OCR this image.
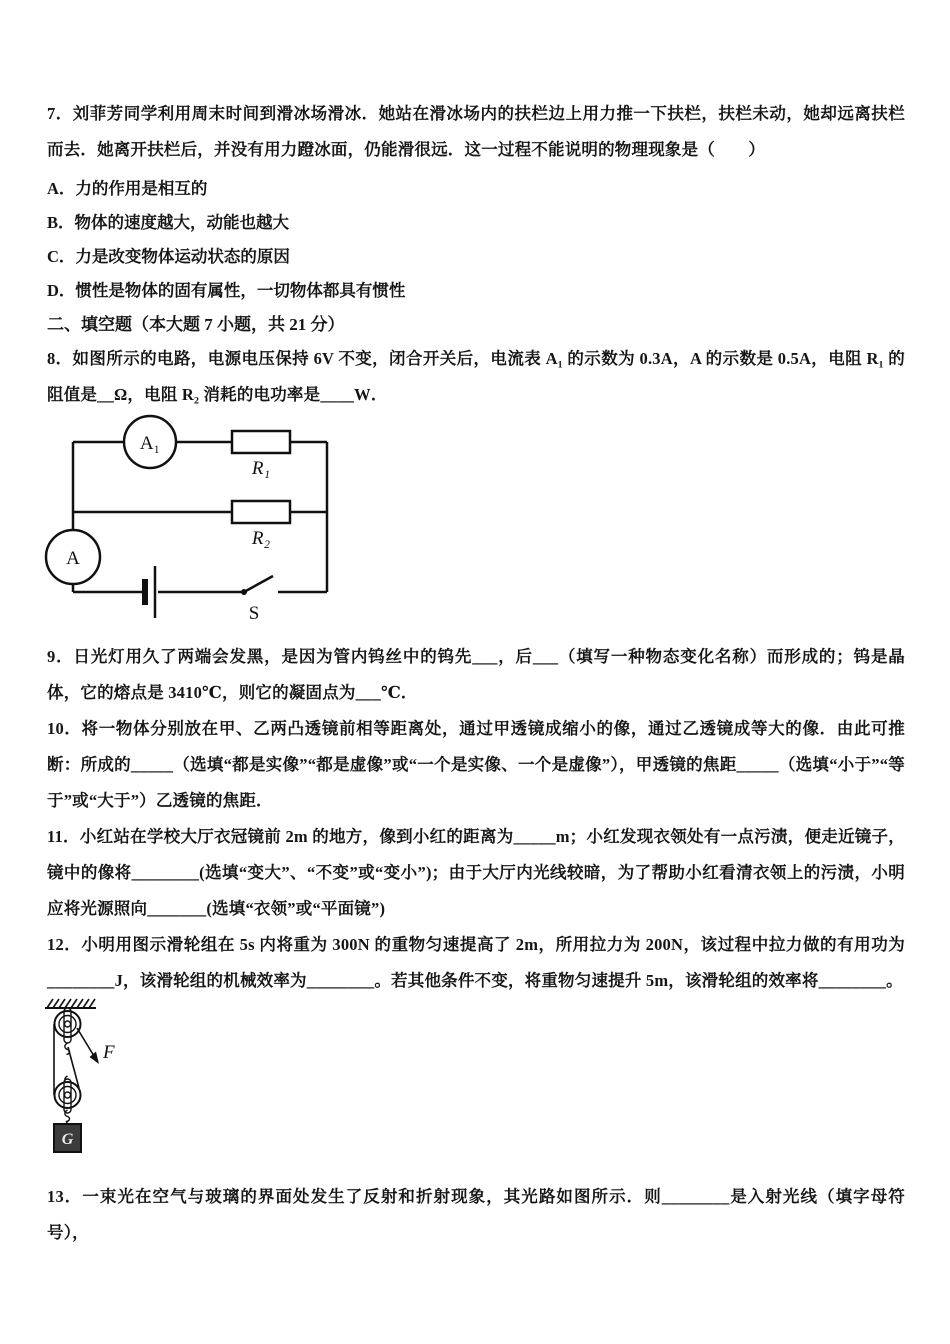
7．刘菲芳同学利用周末时间到滑冰场滑冰．她站在滑冰场内的扶栏边上用力推一下扶栏，扶栏未动，她却远离扶栏而去．她离开扶栏后，并没有用力蹬冰面，仍能滑很远．这一过程不能说明的物理现象是（　　）

A．力的作用是相互的

B．物体的速度越大，动能也越大

C．力是改变物体运动状态的原因

D．惯性是物体的固有属性，一切物体都具有惯性

二、填空题（本大题 7 小题，共 21 分）

8．如图所示的电路，电源电压保持 6V 不变，闭合开关后，电流表 A₁ 的示数为 0.3A，A 的示数是 0.5A，电阻 R₁ 的阻值是__Ω，电阻 R₂ 消耗的电功率是____W．

A₁
R₁
R₂
A
S

9．日光灯用久了两端会发黑，是因为管内钨丝中的钨先___，后___（填写一种物态变化名称）而形成的；钨是晶体，它的熔点是 3410℃，则它的凝固点为___℃．

10．将一物体分别放在甲、乙两凸透镜前相等距离处，通过甲透镜成缩小的像，通过乙透镜成等大的像．由此可推断：所成的_____（选填“都是实像”“都是虚像”或“一个是实像、一个是虚像”），甲透镜的焦距_____（选填“小于”“等于”或“大于”）乙透镜的焦距．

11．小红站在学校大厅衣冠镜前 2m 的地方，像到小红的距离为_____m；小红发现衣领处有一点污渍，便走近镜子，镜中的像将________(选填“变大”、“不变”或“变小”)；由于大厅内光线较暗，为了帮助小红看清衣领上的污渍，小明应将光源照向_______(选填“衣领”或“平面镜”)

12．小明用图示滑轮组在 5s 内将重为 300N 的重物匀速提高了 2m，所用拉力为 200N，该过程中拉力做的有用功为________J，该滑轮组的机械效率为________。若其他条件不变，将重物匀速提升 5m，该滑轮组的效率将________。

F
G

13．一束光在空气与玻璃的界面处发生了反射和折射现象，其光路如图所示．则________是入射光线（填字母符号），
